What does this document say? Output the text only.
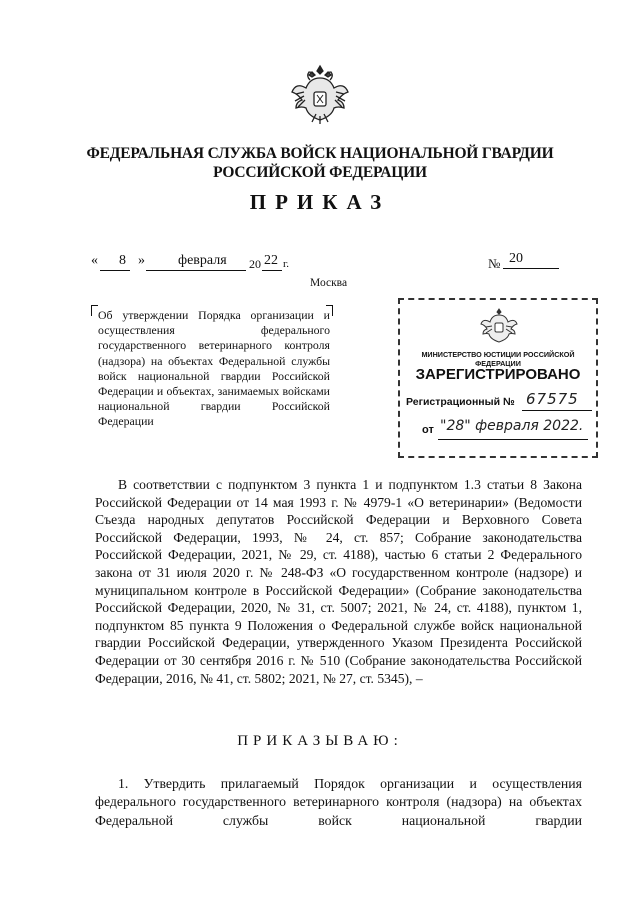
ФЕДЕРАЛЬНАЯ СЛУЖБА ВОЙСК НАЦИОНАЛЬНОЙ ГВАРДИИ
РОССИЙСКОЙ ФЕДЕРАЦИИ
ПРИКАЗ
« 8 » февраля 20 22 г.	№ 20
Москва
Об утверждении Порядка организации и осуществления федерального государственного ветеринарного контроля (надзора) на объектах Федеральной службы войск национальной гвардии Российской Федерации и объектах, занимаемых войсками национальной гвардии Российской Федерации
МИНИСТЕРСТВО ЮСТИЦИИ РОССИЙСКОЙ ФЕДЕРАЦИИ
ЗАРЕГИСТРИРОВАНО
Регистрационный № 67575
от "28" февраля 2022.

В соответствии с подпунктом 3 пункта 1 и подпунктом 1.3 статьи 8 Закона Российской Федерации от 14 мая 1993 г. № 4979-1 «О ветеринарии» (Ведомости Съезда народных депутатов Российской Федерации и Верховного Совета Российской Федерации, 1993, № 24, ст. 857; Собрание законодательства Российской Федерации, 2021, № 29, ст. 4188), частью 6 статьи 2 Федерального закона от 31 июля 2020 г. № 248-ФЗ «О государственном контроле (надзоре) и муниципальном контроле в Российской Федерации» (Собрание законодательства Российской Федерации, 2020, № 31, ст. 5007; 2021, № 24, ст. 4188), пунктом 1, подпунктом 85 пункта 9 Положения о Федеральной службе войск национальной гвардии Российской Федерации, утвержденного Указом Президента Российской Федерации от 30 сентября 2016 г. № 510 (Собрание законодательства Российской Федерации, 2016, № 41, ст. 5802; 2021, № 27, ст. 5345), –

ПРИКАЗЫВАЮ:

1. Утвердить прилагаемый Порядок организации и осуществления федерального государственного ветеринарного контроля (надзора) на объектах Федеральной службы войск национальной гвардии
